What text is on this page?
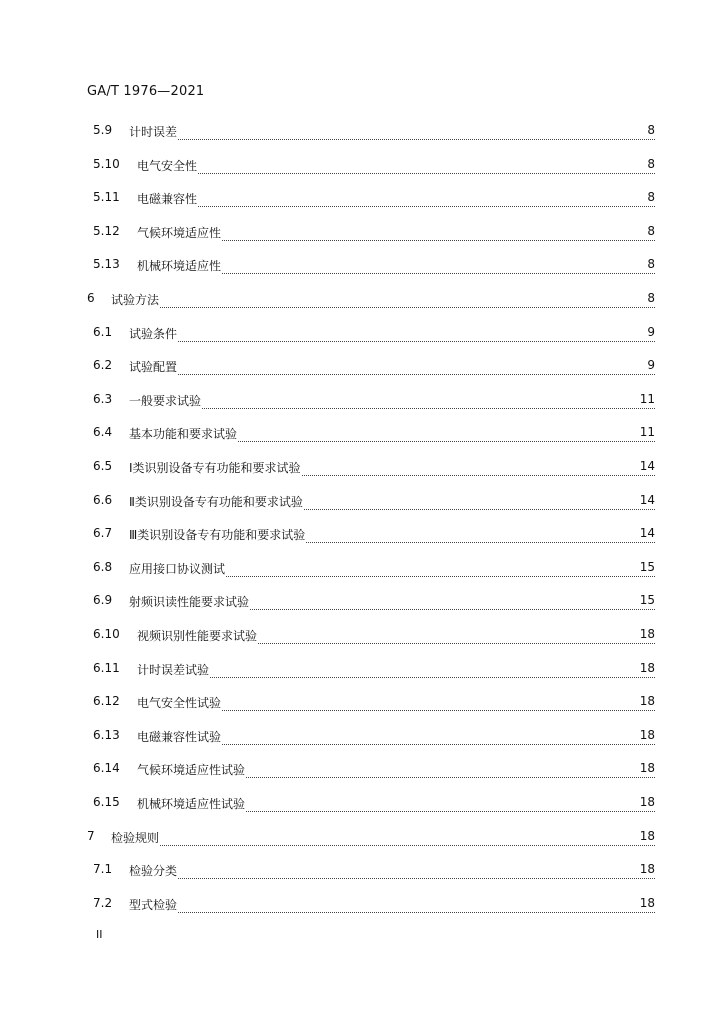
GA/T 1976—2021
5.9 计时误差	8
5.10 电气安全性	8
5.11 电磁兼容性	8
5.12 气候环境适应性	8
5.13 机械环境适应性	8
6 试验方法	8
6.1 试验条件	9
6.2 试验配置	9
6.3 一般要求试验	11
6.4 基本功能和要求试验	11
6.5 Ⅰ类识别设备专有功能和要求试验	14
6.6 Ⅱ类识别设备专有功能和要求试验	14
6.7 Ⅲ类识别设备专有功能和要求试验	14
6.8 应用接口协议测试	15
6.9 射频识读性能要求试验	15
6.10 视频识别性能要求试验	18
6.11 计时误差试验	18
6.12 电气安全性试验	18
6.13 电磁兼容性试验	18
6.14 气候环境适应性试验	18
6.15 机械环境适应性试验	18
7 检验规则	18
7.1 检验分类	18
7.2 型式检验	18
II
